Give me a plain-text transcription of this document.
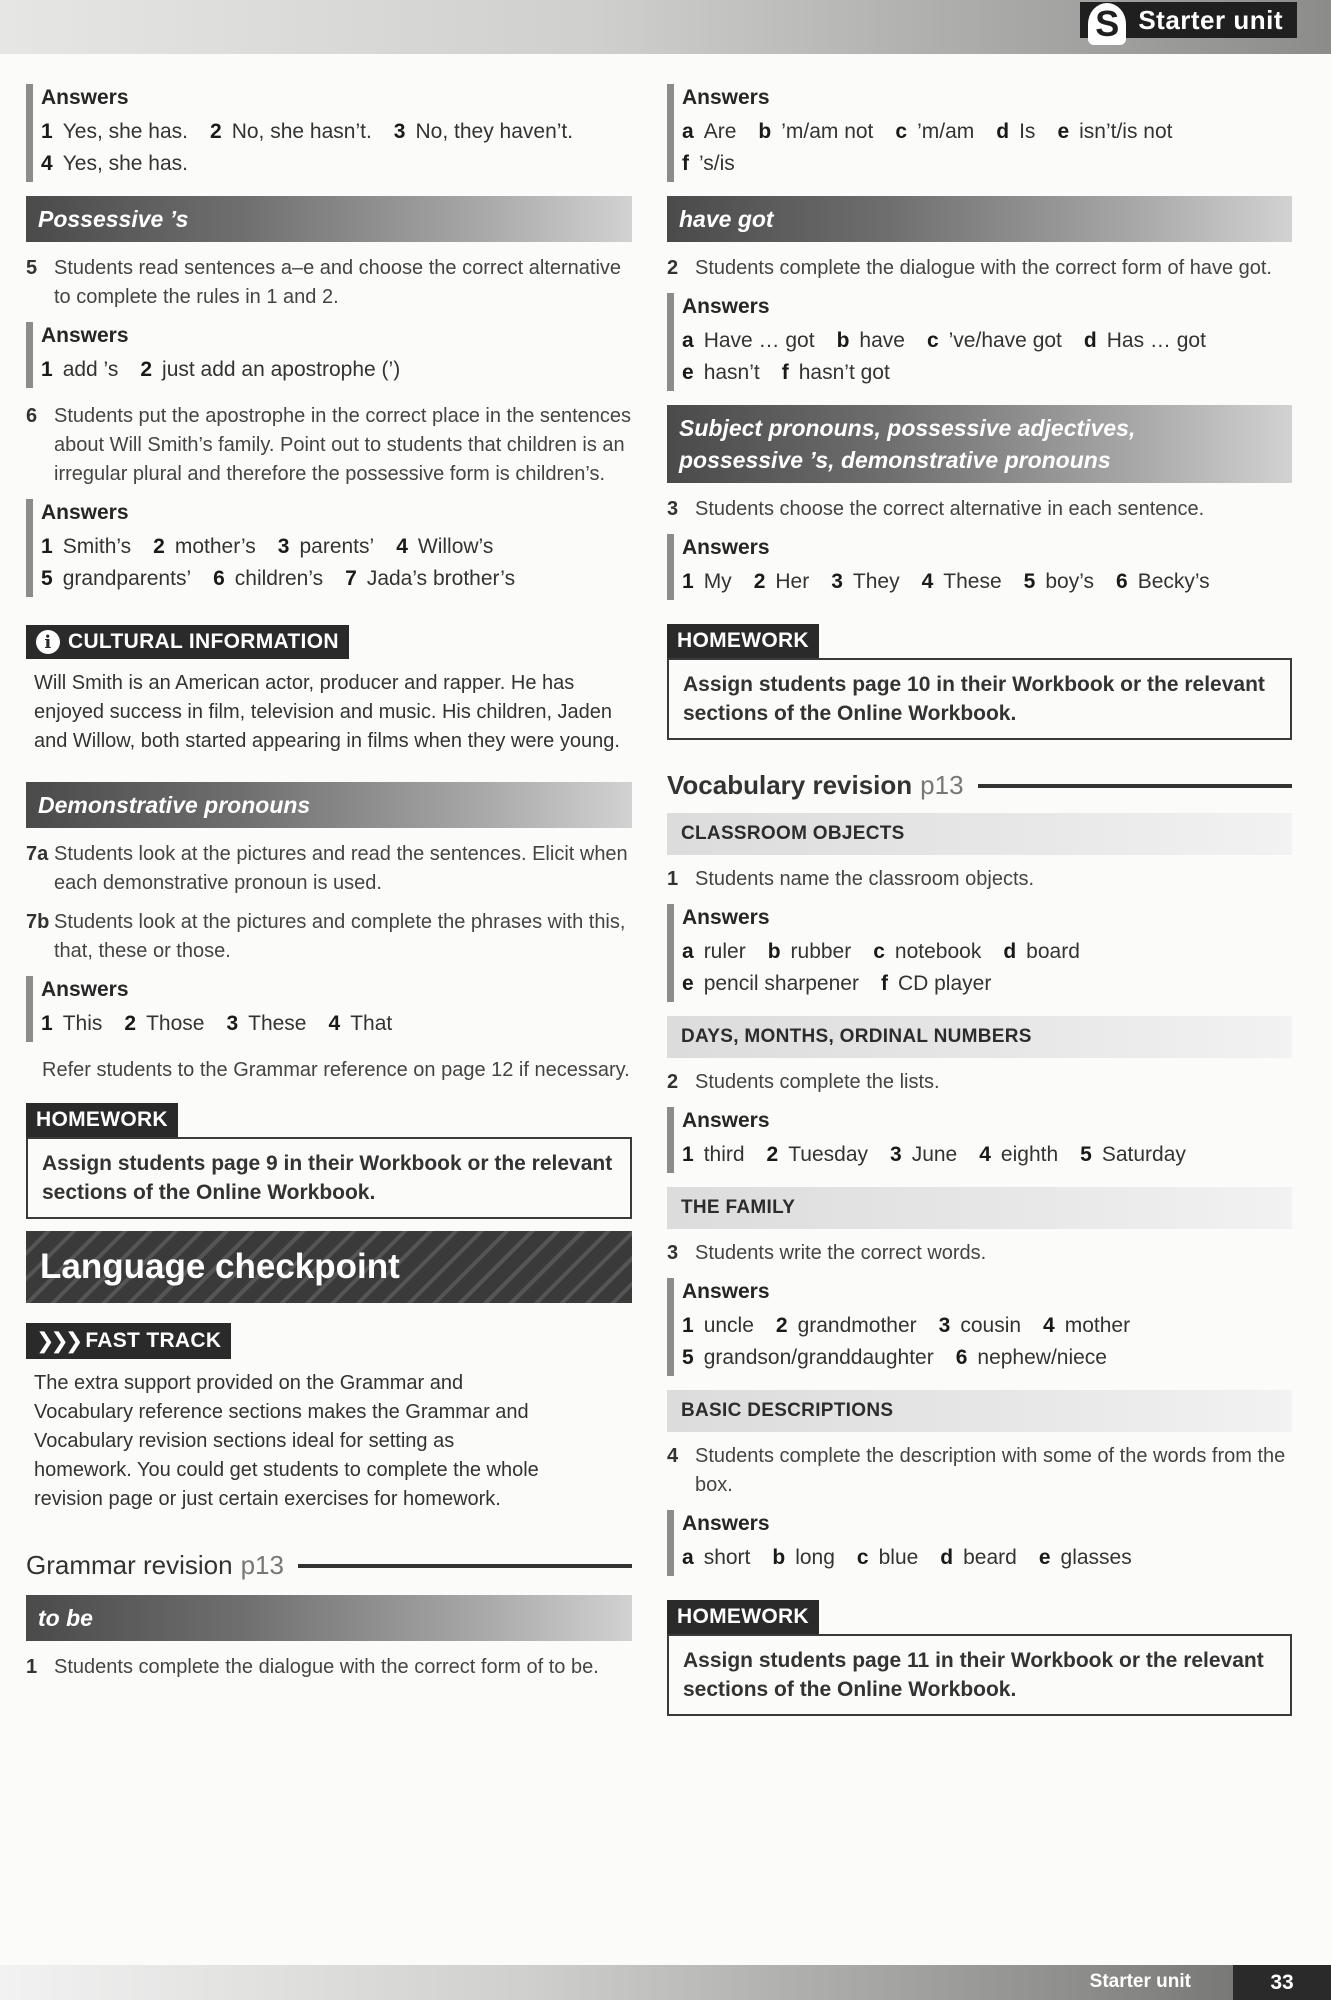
S Starter unit
Answers
1 Yes, she has. 2 No, she hasn’t. 3 No, they haven’t.
4 Yes, she has.
Possessive ’s
5 Students read sentences a–e and choose the correct alternative to complete the rules in 1 and 2.
Answers
1 add ’s 2 just add an apostrophe (’)
6 Students put the apostrophe in the correct place in the sentences about Will Smith’s family. Point out to students that children is an irregular plural and therefore the possessive form is children’s.
Answers
1 Smith’s 2 mother’s 3 parents’ 4 Willow’s
5 grandparents’ 6 children’s 7 Jada’s brother’s
i CULTURAL INFORMATION
Will Smith is an American actor, producer and rapper. He has enjoyed success in film, television and music. His children, Jaden and Willow, both started appearing in films when they were young.
Demonstrative pronouns
7a Students look at the pictures and read the sentences. Elicit when each demonstrative pronoun is used.
7b Students look at the pictures and complete the phrases with this, that, these or those.
Answers
1 This 2 Those 3 These 4 That
Refer students to the Grammar reference on page 12 if necessary.
HOMEWORK
Assign students page 9 in their Workbook or the relevant sections of the Online Workbook.
Language checkpoint
❯❯❯ FAST TRACK
The extra support provided on the Grammar and Vocabulary reference sections makes the Grammar and Vocabulary revision sections ideal for setting as homework. You could get students to complete the whole revision page or just certain exercises for homework.
Grammar revision p13
to be
1 Students complete the dialogue with the correct form of to be.
Answers
a Are b ’m/am not c ’m/am d Is e isn’t/is not
f ’s/is
have got
2 Students complete the dialogue with the correct form of have got.
Answers
a Have … got b have c ’ve/have got d Has … got
e hasn’t f hasn’t got
Subject pronouns, possessive adjectives,
possessive ’s, demonstrative pronouns
3 Students choose the correct alternative in each sentence.
Answers
1 My 2 Her 3 They 4 These 5 boy’s 6 Becky’s
HOMEWORK
Assign students page 10 in their Workbook or the relevant sections of the Online Workbook.
Vocabulary revision p13
CLASSROOM OBJECTS
1 Students name the classroom objects.
Answers
a ruler b rubber c notebook d board
e pencil sharpener f CD player
DAYS, MONTHS, ORDINAL NUMBERS
2 Students complete the lists.
Answers
1 third 2 Tuesday 3 June 4 eighth 5 Saturday
THE FAMILY
3 Students write the correct words.
Answers
1 uncle 2 grandmother 3 cousin 4 mother
5 grandson/granddaughter 6 nephew/niece
BASIC DESCRIPTIONS
4 Students complete the description with some of the words from the box.
Answers
a short b long c blue d beard e glasses
HOMEWORK
Assign students page 11 in their Workbook or the relevant sections of the Online Workbook.
Starter unit	33
